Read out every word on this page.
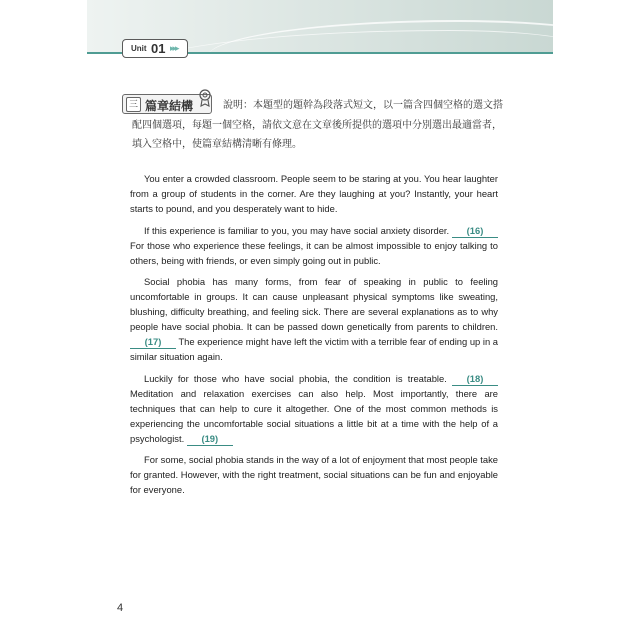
Unit 01 ▸▸▸
三 篇章結構	說明：本題型的題幹為段落式短文，以一篇含四個空格的選文搭
配四個選項，每題一個空格，請依文意在文章後所提供的選項中分別選出最適當者，填入空格中，使篇章結構清晰有條理。

You enter a crowded classroom. People seem to be staring at you. You hear laughter from a group of students in the corner. Are they laughing at you? Instantly, your heart starts to pound, and you desperately want to hide.

If this experience is familiar to you, you may have social anxiety disorder. (16) For those who experience these feelings, it can be almost impossible to enjoy talking to others, being with friends, or even simply going out in public.

Social phobia has many forms, from fear of speaking in public to feeling uncomfortable in groups. It can cause unpleasant physical symptoms like sweating, blushing, difficulty breathing, and feeling sick. There are several explanations as to why people have social phobia. It can be passed down genetically from parents to children. (17) The experience might have left the victim with a terrible fear of ending up in a similar situation again.

Luckily for those who have social phobia, the condition is treatable. (18) Meditation and relaxation exercises can also help. Most importantly, there are techniques that can help to cure it altogether. One of the most common methods is experiencing the uncomfortable social situations a little bit at a time with the help of a psychologist. (19)

For some, social phobia stands in the way of a lot of enjoyment that most people take for granted. However, with the right treatment, social situations can be fun and enjoyable for everyone.

4
